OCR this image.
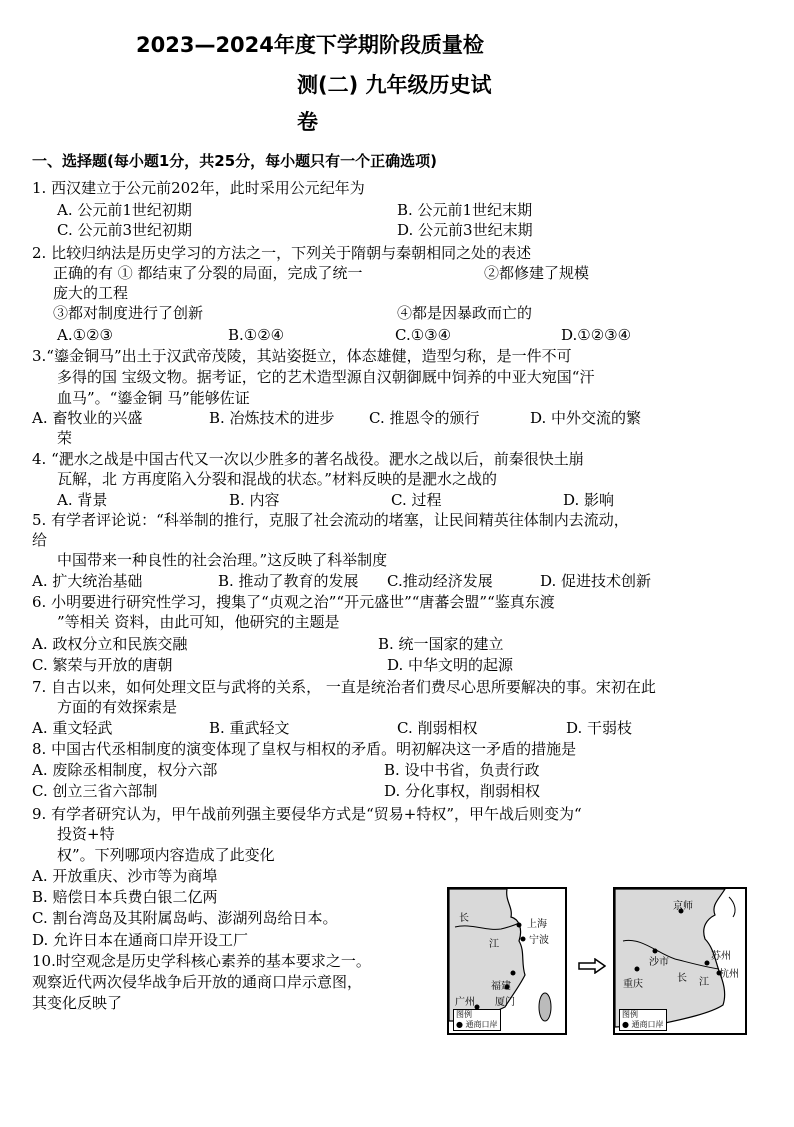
2023—2024年度下学期阶段质量检
测(二) 九年级历史试
卷
一、选择题(每小题1分，共25分，每小题只有一个正确选项)
1. 西汉建立于公元前202年，此时采用公元纪年为
A. 公元前1世纪初期	B. 公元前1世纪末期
C. 公元前3世纪初期	D. 公元前3世纪末期
2. 比较归纳法是历史学习的方法之一，下列关于隋朝与秦朝相同之处的表述
正确的有 ① 都结束了分裂的局面，完成了统一	②都修建了规模
庞大的工程
③都对制度进行了创新	④都是因暴政而亡的
A.①②③	B.①②④	C.①③④	D.①②③④
3.“鎏金铜马”出土于汉武帝茂陵，其站姿挺立，体态雄健，造型匀称，是一件不可
多得的国 宝级文物。据考证，它的艺术造型源自汉朝御厩中饲养的中亚大宛国“汗
血马”。“鎏金铜 马”能够佐证
A. 畜牧业的兴盛	B. 冶炼技术的进步 C. 推恩令的颁行	D. 中外交流的繁
荣
4. “淝水之战是中国古代又一次以少胜多的著名战役。淝水之战以后，前秦很快土崩
瓦解，北 方再度陷入分裂和混战的状态。”材料反映的是淝水之战的
A. 背景	B. 内容	C. 过程	D. 影响
5. 有学者评论说：“科举制的推行，克服了社会流动的堵塞，让民间精英往体制内去流动，
给
中国带来一种良性的社会治理。”这反映了科举制度
A. 扩大统治基础	B. 推动了教育的发展 C.推动经济发展	D. 促进技术创新
6. 小明要进行研究性学习，搜集了“贞观之治”“开元盛世”“唐蕃会盟”“鉴真东渡
”等相关 资料，由此可知，他研究的主题是
A. 政权分立和民族交融	B. 统一国家的建立
C. 繁荣与开放的唐朝	D. 中华文明的起源
7. 自古以来，如何处理文臣与武将的关系， 一直是统治者们费尽心思所要解决的事。宋初在此
方面的有效探索是
A. 重文轻武	B. 重武轻文	C. 削弱相权	D. 干弱枝
8. 中国古代丞相制度的演变体现了皇权与相权的矛盾。明初解决这一矛盾的措施是
A. 废除丞相制度，权分六部	B. 设中书省，负责行政
C. 创立三省六部制	D. 分化事权，削弱相权
9. 有学者研究认为，甲午战前列强主要侵华方式是“贸易+特权”，甲午战后则变为“
投资+特
权”。下列哪项内容造成了此变化
A. 开放重庆、沙市等为商埠
B. 赔偿日本兵费白银二亿两
C. 割台湾岛及其附属岛屿、澎湖列岛给日本。
D. 允许日本在通商口岸开设工厂
10.时空观念是历史学科核心素养的基本要求之一。
观察近代两次侵华战争后开放的通商口岸示意图，
其变化反映了
长
江
上海
宁波
福建
厦门
广州
图例
● 通商口岸
京师
苏州
沙市
长 江
杭州
重庆
图例
● 通商口岸
